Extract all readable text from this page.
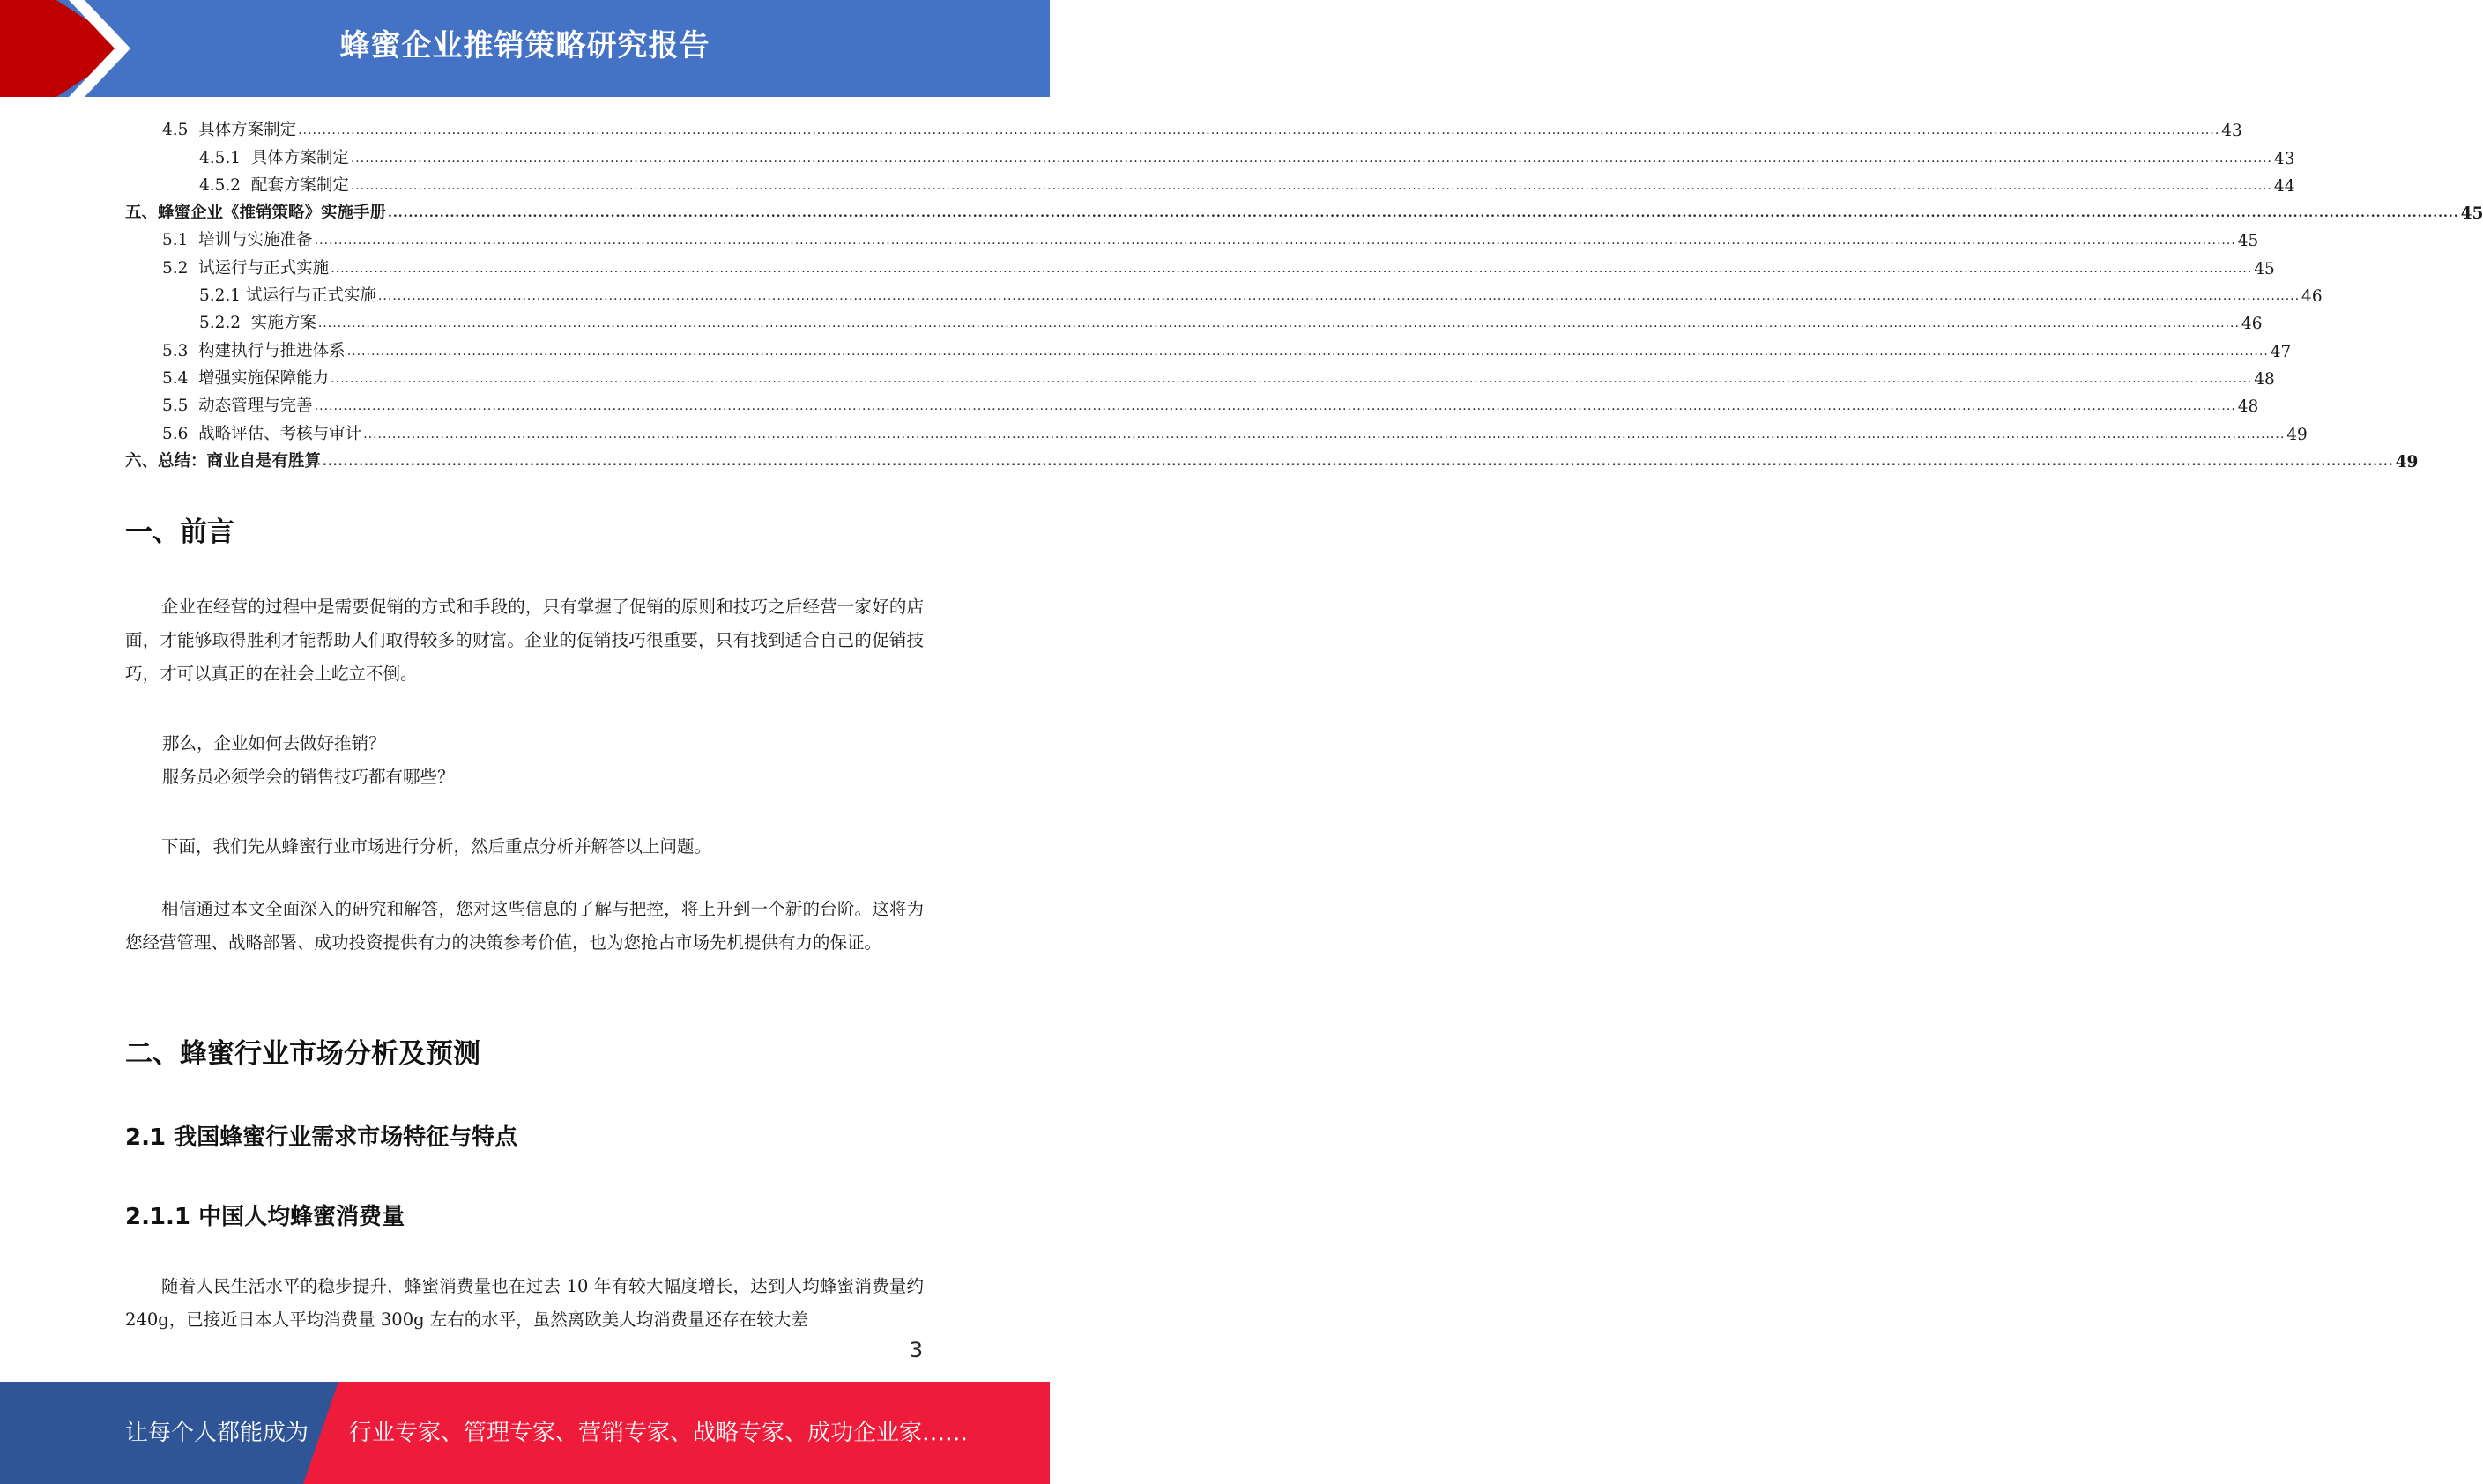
蜂蜜企业推销策略研究报告
4.5  具体方案制定 ................................................................................................................................................................................................................................................................................................................................................................................................................ 43
4.5.1  具体方案制定 ................................................................................................................................................................................................................................................................................................................................................................................................................ 43
4.5.2  配套方案制定 ................................................................................................................................................................................................................................................................................................................................................................................................................ 44
五、蜂蜜企业《推销策略》实施手册 ................................................................................................................................................................................................................................................................................................................................................................................................................ 45
5.1  培训与实施准备 ................................................................................................................................................................................................................................................................................................................................................................................................................ 45
5.2  试运行与正式实施 ................................................................................................................................................................................................................................................................................................................................................................................................................ 45
5.2.1 试运行与正式实施 ................................................................................................................................................................................................................................................................................................................................................................................................................ 46
5.2.2  实施方案 ................................................................................................................................................................................................................................................................................................................................................................................................................ 46
5.3  构建执行与推进体系 ................................................................................................................................................................................................................................................................................................................................................................................................................ 47
5.4  增强实施保障能力 ................................................................................................................................................................................................................................................................................................................................................................................................................ 48
5.5  动态管理与完善 ................................................................................................................................................................................................................................................................................................................................................................................................................ 48
5.6  战略评估、考核与审计 ................................................................................................................................................................................................................................................................................................................................................................................................................ 49
六、总结：商业自是有胜算 ................................................................................................................................................................................................................................................................................................................................................................................................................ 49
一、前言
企业在经营的过程中是需要促销的方式和手段的，只有掌握了促销的原则和技巧之后经营一家好的店面，才能够取得胜利才能帮助人们取得较多的财富。企业的促销技巧很重要，只有找到适合自己的促销技巧，才可以真正的在社会上屹立不倒。
那么，企业如何去做好推销？
服务员必须学会的销售技巧都有哪些？
下面，我们先从蜂蜜行业市场进行分析，然后重点分析并解答以上问题。
相信通过本文全面深入的研究和解答，您对这些信息的了解与把控，将上升到一个新的台阶。这将为您经营管理、战略部署、成功投资提供有力的决策参考价值，也为您抢占市场先机提供有力的保证。
二、蜂蜜行业市场分析及预测
2.1 我国蜂蜜行业需求市场特征与特点
2.1.1 中国人均蜂蜜消费量
随着人民生活水平的稳步提升，蜂蜜消费量也在过去 10 年有较大幅度增长，达到人均蜂蜜消费量约 240g，已接近日本人平均消费量 300g 左右的水平，虽然离欧美人均消费量还存在较大差
3
让每个人都能成为 行业专家、管理专家、营销专家、战略专家、成功企业家……
